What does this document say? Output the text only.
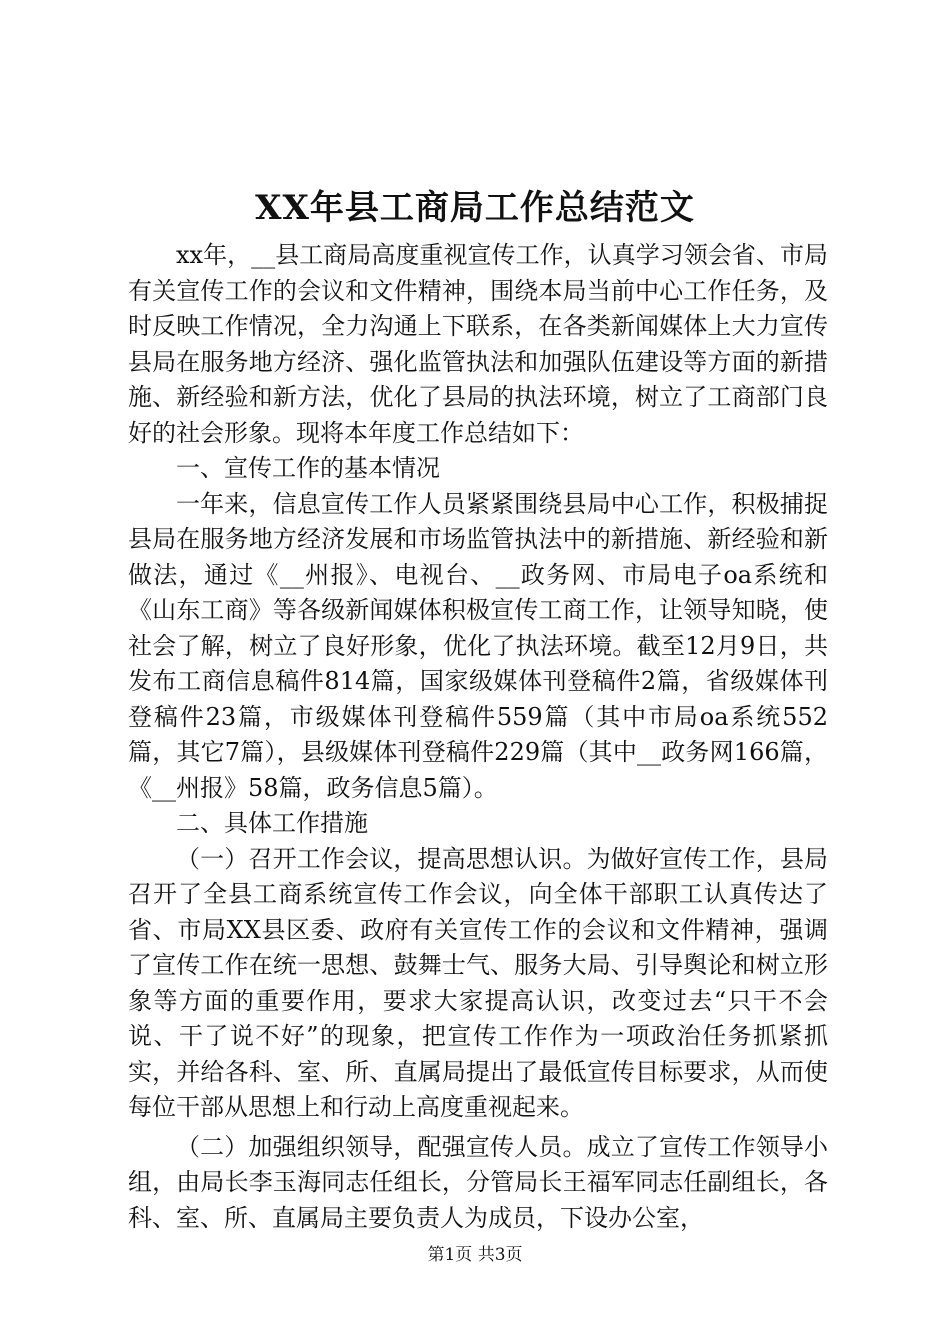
XX年县工商局工作总结范文

xx年，__县工商局高度重视宣传工作，认真学习领会省、市局有关宣传工作的会议和文件精神，围绕本局当前中心工作任务，及时反映工作情况，全力沟通上下联系，在各类新闻媒体上大力宣传县局在服务地方经济、强化监管执法和加强队伍建设等方面的新措施、新经验和新方法，优化了县局的执法环境，树立了工商部门良好的社会形象。现将本年度工作总结如下：

一、宣传工作的基本情况

一年来，信息宣传工作人员紧紧围绕县局中心工作，积极捕捉县局在服务地方经济发展和市场监管执法中的新措施、新经验和新做法，通过《__州报》、电视台、__政务网、市局电子oa系统和《山东工商》等各级新闻媒体积极宣传工商工作，让领导知晓，使社会了解，树立了良好形象，优化了执法环境。截至12月9日，共发布工商信息稿件814篇，国家级媒体刊登稿件2篇，省级媒体刊登稿件23篇，市级媒体刊登稿件559篇（其中市局oa系统552篇，其它7篇），县级媒体刊登稿件229篇（其中__政务网166篇，《__州报》58篇，政务信息5篇）。

二、具体工作措施

（一）召开工作会议，提高思想认识。为做好宣传工作，县局召开了全县工商系统宣传工作会议，向全体干部职工认真传达了省、市局XX县区委、政府有关宣传工作的会议和文件精神，强调了宣传工作在统一思想、鼓舞士气、服务大局、引导舆论和树立形象等方面的重要作用，要求大家提高认识，改变过去“只干不会说、干了说不好”的现象，把宣传工作作为一项政治任务抓紧抓实，并给各科、室、所、直属局提出了最低宣传目标要求，从而使每位干部从思想上和行动上高度重视起来。

（二）加强组织领导，配强宣传人员。成立了宣传工作领导小组，由局长李玉海同志任组长，分管局长王福军同志任副组长，各科、室、所、直属局主要负责人为成员，下设办公室，

第1页 共3页
